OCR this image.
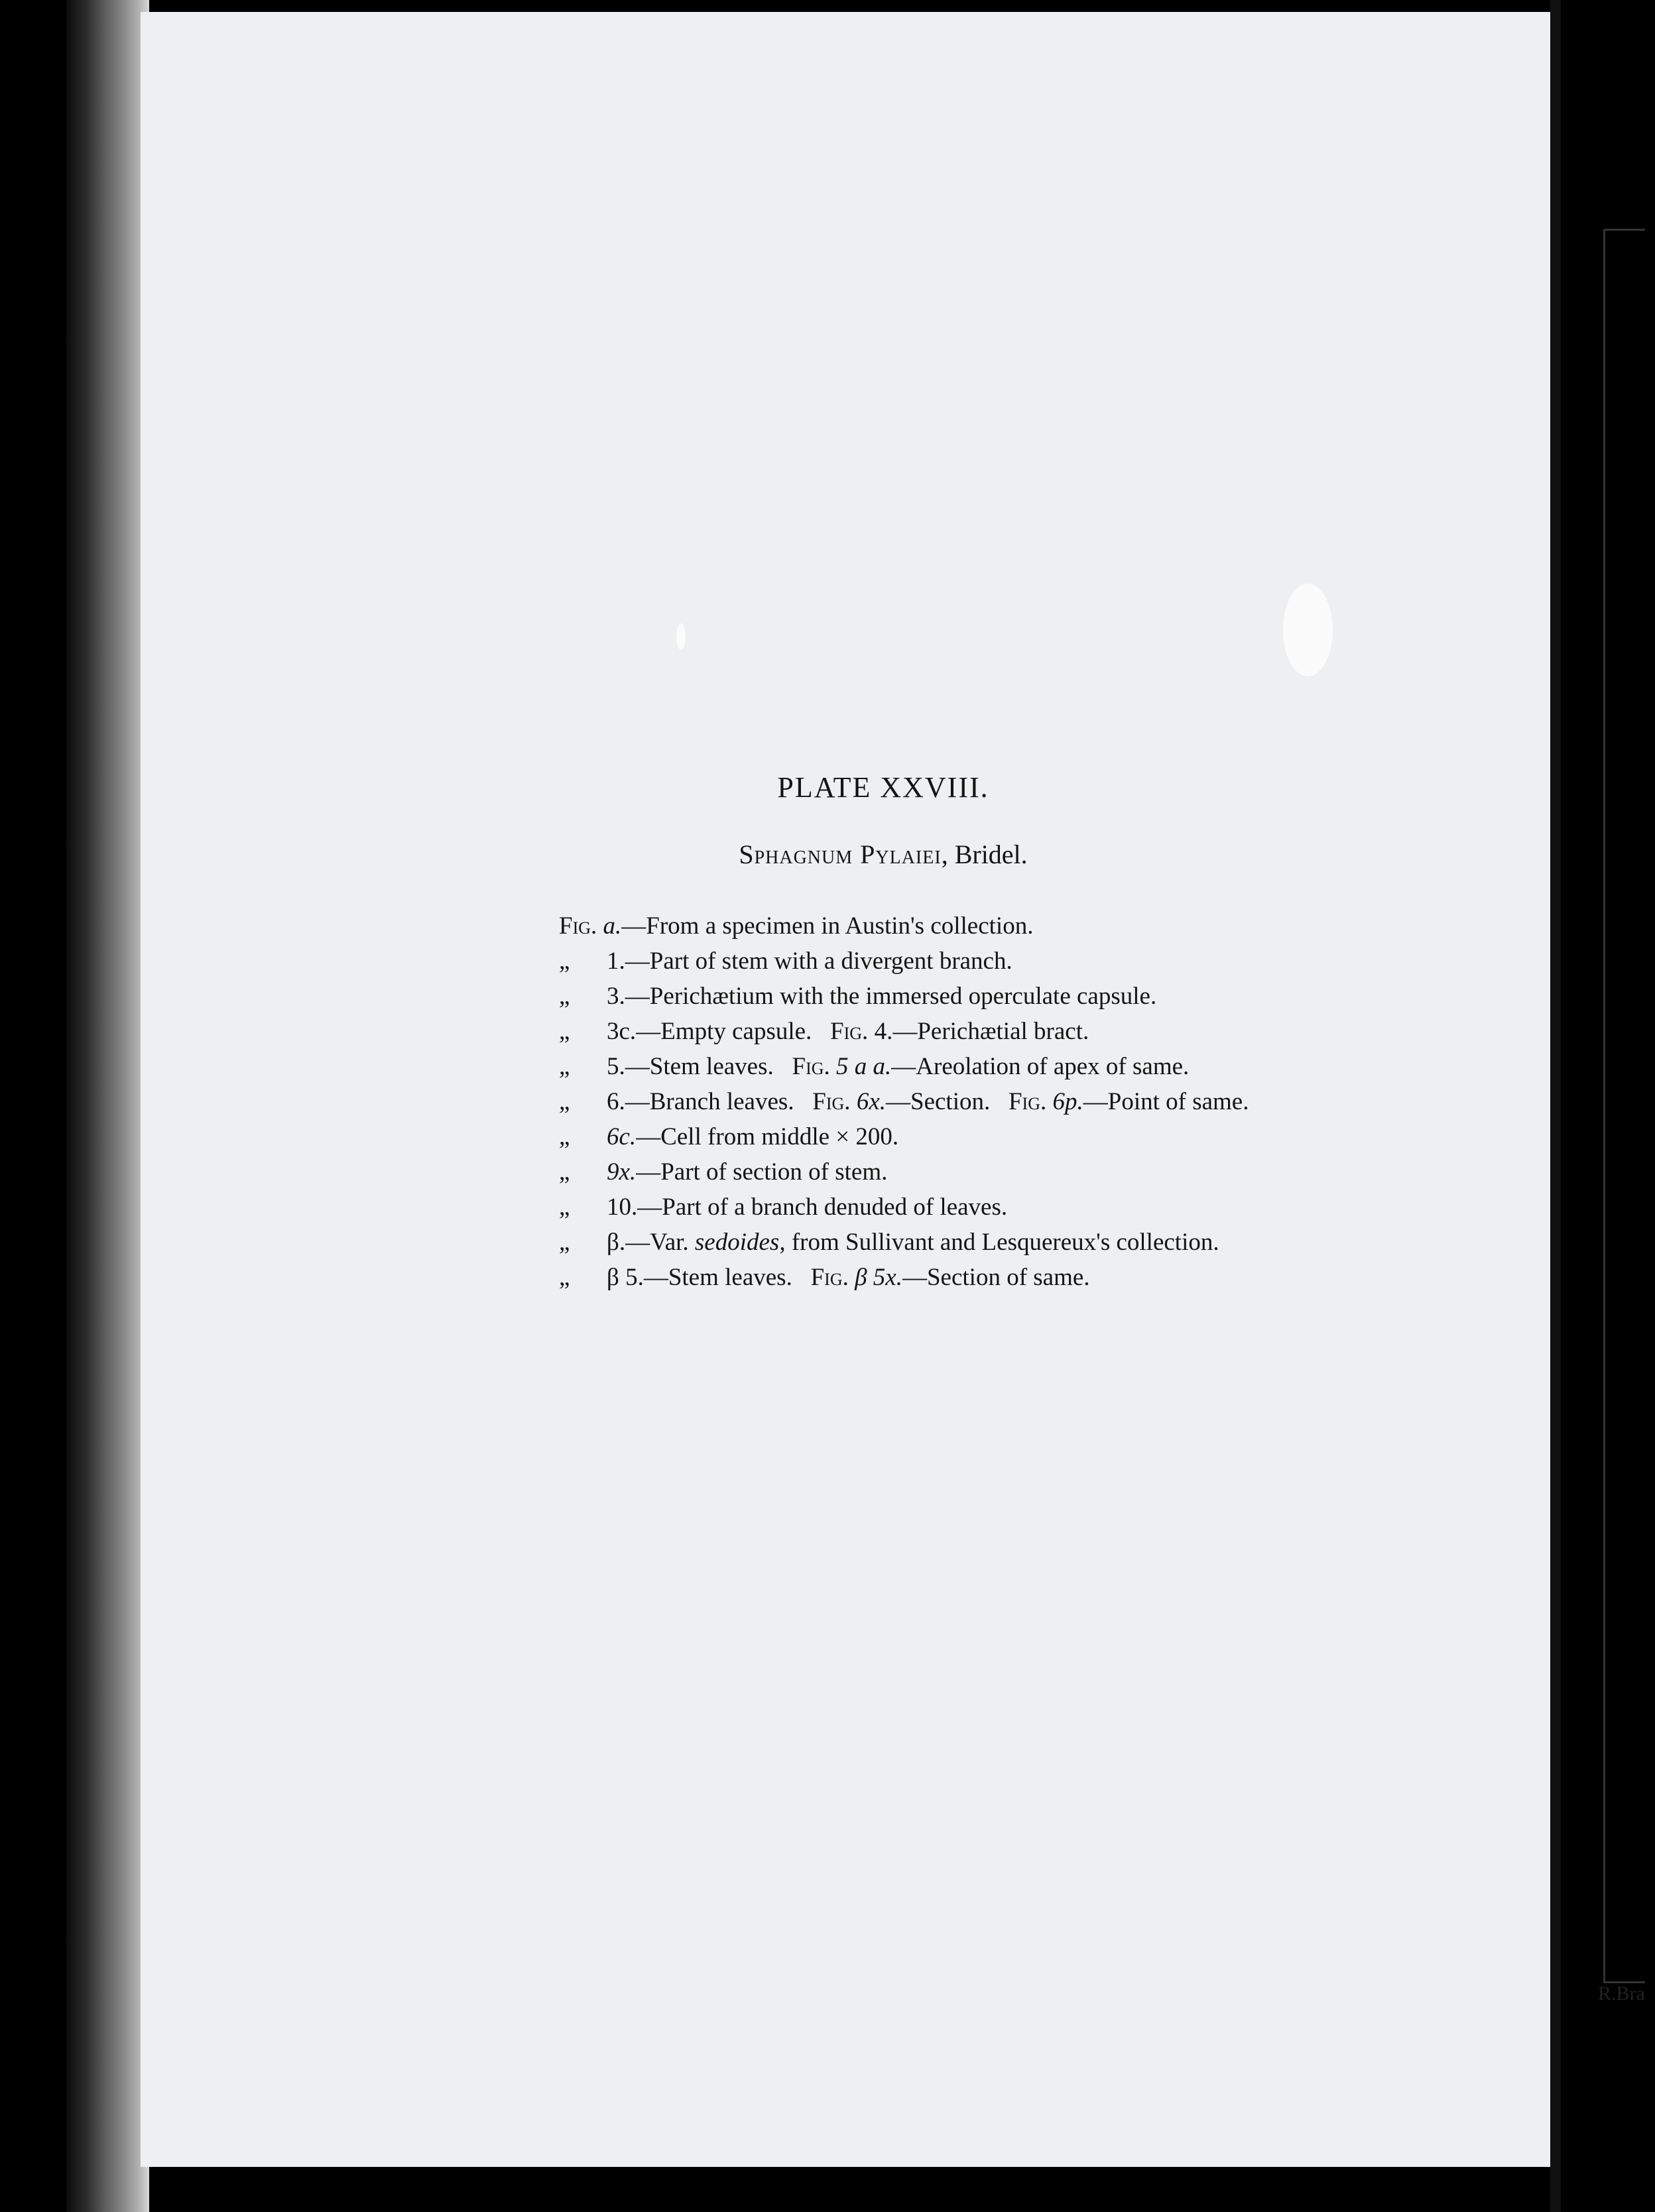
R.Bra
PLATE XXVIII.
Sphagnum Pylaiei, Bridel.
Fig. a.—From a specimen in Austin's collection.
„ 1.—Part of stem with a divergent branch.
„ 3.—Perichætium with the immersed operculate capsule.
„ 3c.—Empty capsule. Fig. 4.—Perichætial bract.
„ 5.—Stem leaves. Fig. 5 a a.—Areolation of apex of same.
„ 6.—Branch leaves. Fig. 6x.—Section. Fig. 6p.—Point of same.
„ 6c.—Cell from middle × 200.
„ 9x.—Part of section of stem.
„ 10.—Part of a branch denuded of leaves.
„ β.—Var. sedoides, from Sullivant and Lesquereux's collection.
„ β 5.—Stem leaves. Fig. β 5x.—Section of same.
